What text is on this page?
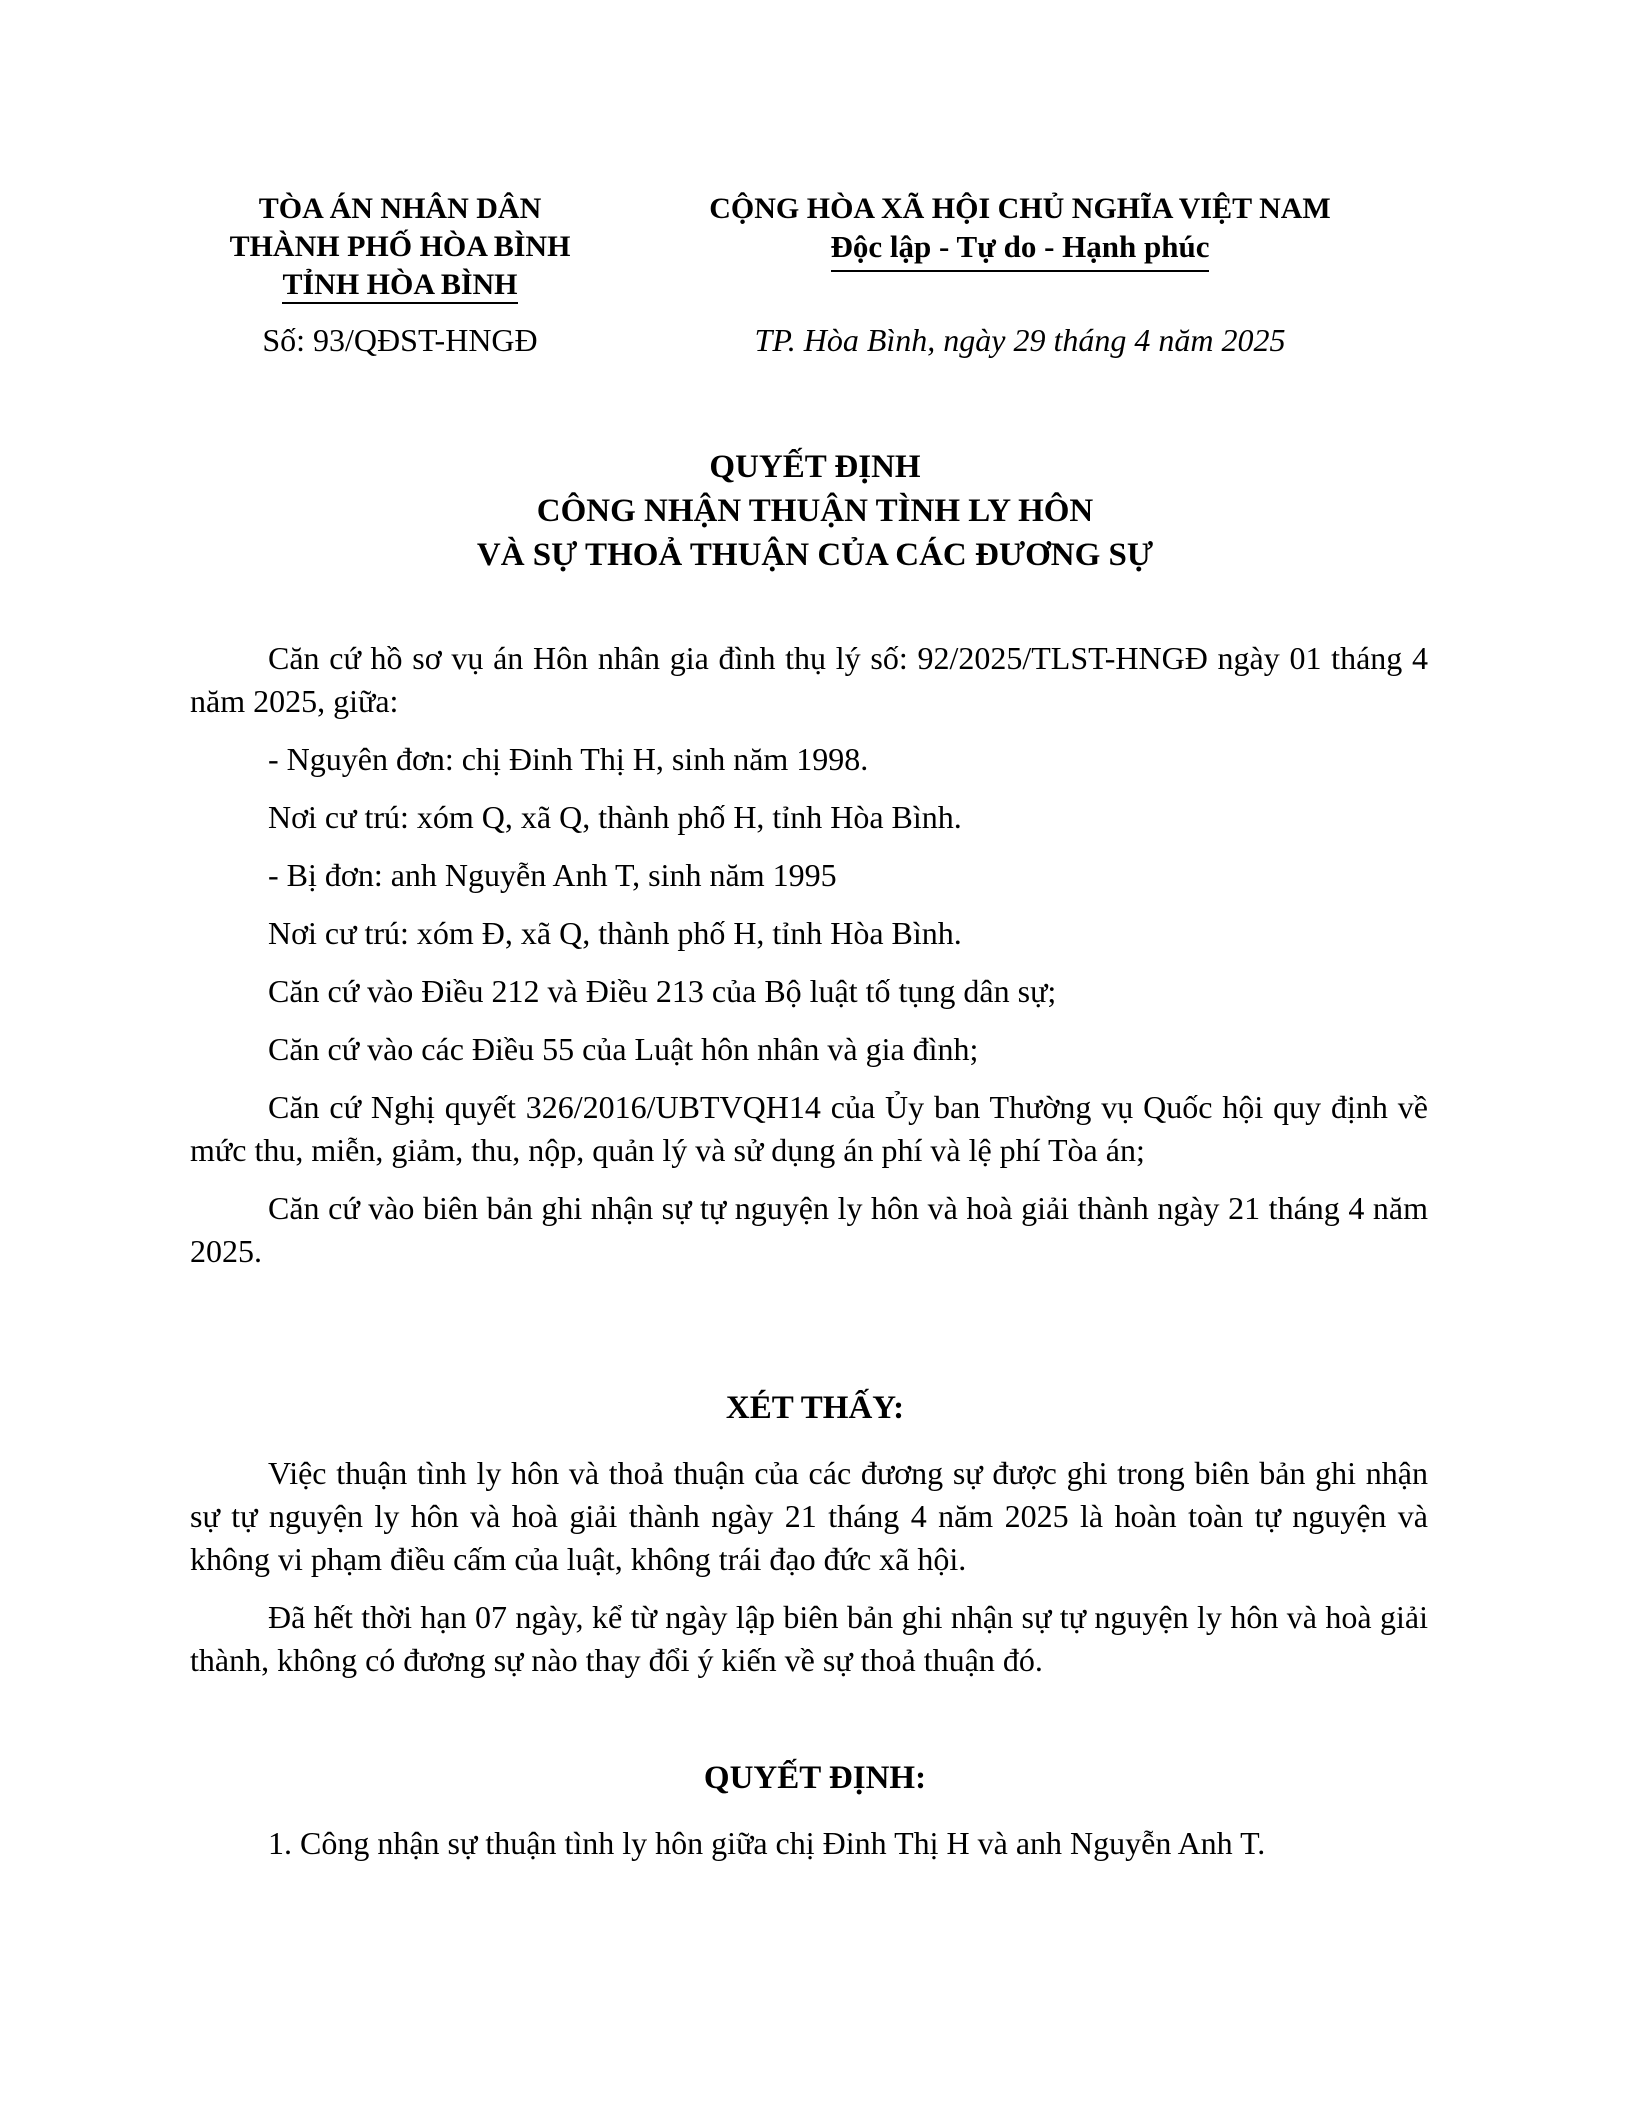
TÒA ÁN NHÂN DÂN
THÀNH PHỐ HÒA BÌNH
TỈNH HÒA BÌNH
CỘNG HÒA XÃ HỘI CHỦ NGHĨA VIỆT NAM
Độc lập - Tự do - Hạnh phúc
Số: 93/QĐST-HNGĐ	TP. Hòa Bình, ngày 29 tháng 4 năm 2025
QUYẾT ĐỊNH
CÔNG NHẬN THUẬN TÌNH LY HÔN
VÀ SỰ THOẢ THUẬN CỦA CÁC ĐƯƠNG SỰ

Căn cứ hồ sơ vụ án Hôn nhân gia đình thụ lý số: 92/2025/TLST-HNGĐ ngày 01 tháng 4 năm 2025, giữa:

- Nguyên đơn: chị Đinh Thị H, sinh năm 1998.

Nơi cư trú: xóm Q, xã Q, thành phố H, tỉnh Hòa Bình.

- Bị đơn: anh Nguyễn Anh T, sinh năm 1995

Nơi cư trú: xóm Đ, xã Q, thành phố H, tỉnh Hòa Bình.

Căn cứ vào Điều 212 và Điều 213 của Bộ luật tố tụng dân sự;

Căn cứ vào các Điều 55 của Luật hôn nhân và gia đình;

Căn cứ Nghị quyết 326/2016/UBTVQH14 của Ủy ban Thường vụ Quốc hội quy định về mức thu, miễn, giảm, thu, nộp, quản lý và sử dụng án phí và lệ phí Tòa án;

Căn cứ vào biên bản ghi nhận sự tự nguyện ly hôn và hoà giải thành ngày 21 tháng 4 năm 2025.

XÉT THẤY:

Việc thuận tình ly hôn và thoả thuận của các đương sự được ghi trong biên bản ghi nhận sự tự nguyện ly hôn và hoà giải thành ngày 21 tháng 4 năm 2025 là hoàn toàn tự nguyện và không vi phạm điều cấm của luật, không trái đạo đức xã hội.

Đã hết thời hạn 07 ngày, kể từ ngày lập biên bản ghi nhận sự tự nguyện ly hôn và hoà giải thành, không có đương sự nào thay đổi ý kiến về sự thoả thuận đó.

QUYẾT ĐỊNH:

1. Công nhận sự thuận tình ly hôn giữa chị Đinh Thị H và anh Nguyễn Anh T.
